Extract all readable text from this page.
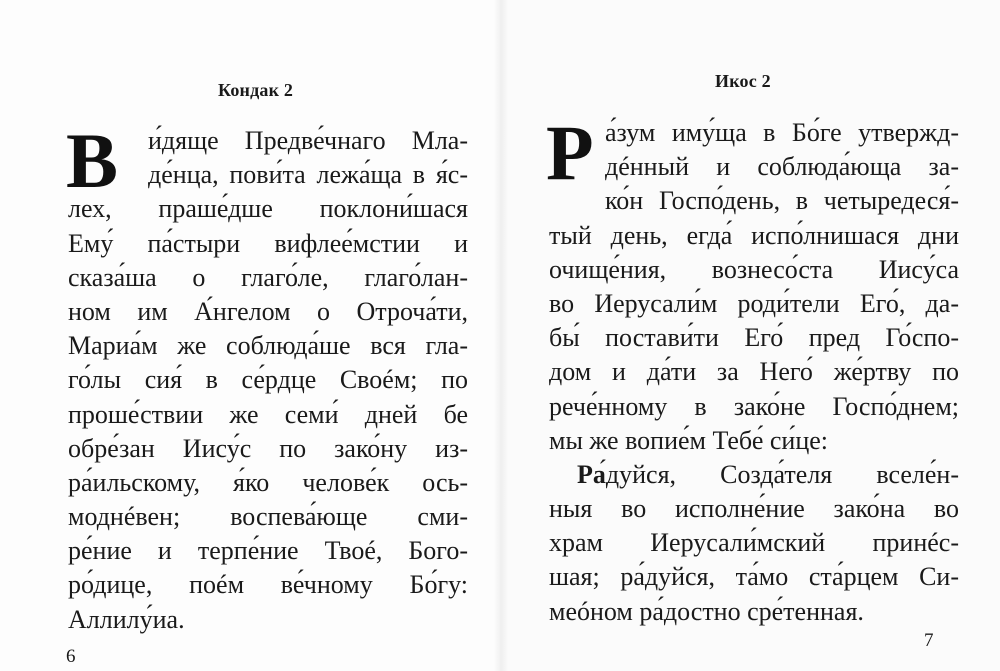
Кондак 2
В	и́дяще Предве́чнаго Мла-
де́нца, пови́та лежа́ща в я́с-
лех, праше́дше поклони́шася
Ему́ па́стыри вифлее́мстии и
сказа́ша о глаго́ле, глаго́лан-
ном им А́нгелом о Отроча́ти,
Мариа́м же соблюда́ше вся гла-
го́лы сия́ в се́рдце Своéм; по
проше́ствии же семи́ дней бе
обре́зан Иису́с по зако́ну из-
ра́ильскому, я́ко челове́к ось-
моднéвен; воспева́юще сми-
ре́ние и терпе́ние Твоé, Бого-
ро́дице, поéм ве́чному Бо́гу:
Аллилу́иа.
6
Икос 2
Р а́зум иму́ща в Бо́ге утвержд-
дéнный и соблюда́юща за-
ко́н Госпо́день, в четыредеся́-
тый день, егда́ испо́лнишася дни
очище́ния, вознесо́ста Иису́са
во Иерусали́м роди́тели Его́, да-
бы́ постави́ти Его́ пред Го́спо-
дом и да́ти за Него́ же́ртву по
рече́нному в зако́не Госпо́днем;
мы же вопие́м Тебе́ си́це:
Ра́дуйся, Созда́теля вселе́н-
ныя во исполне́ние зако́на во
храм Иерусали́мский принéс-
шая; ра́дуйся, та́мо ста́рцем Си-
меóном ра́достно сре́тенная.
7
